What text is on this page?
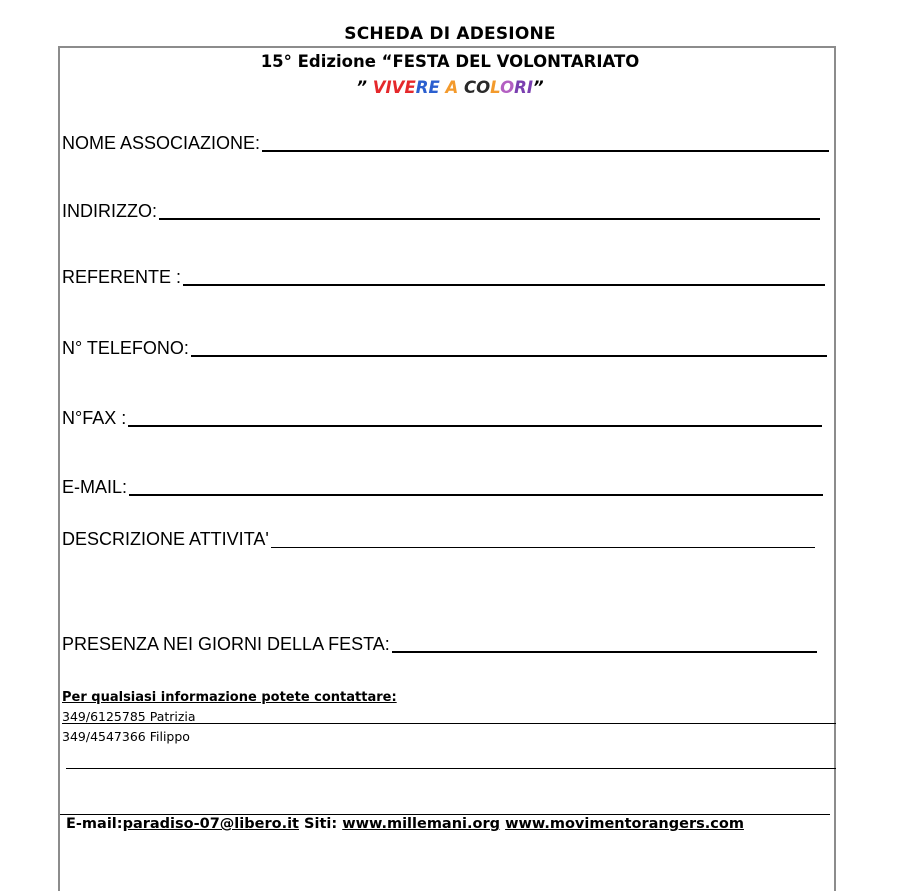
SCHEDA DI ADESIONE
15° Edizione “FESTA DEL VOLONTARIATO
” VIVERE A COLORI”
NOME ASSOCIAZIONE:
INDIRIZZO:
REFERENTE :
N° TELEFONO:
N°FAX :
E-MAIL:
DESCRIZIONE ATTIVITA'
PRESENZA NEI GIORNI DELLA FESTA:
Per qualsiasi informazione potete contattare:
349/6125785 Patrizia
349/4547366 Filippo
E-mail:paradiso-07@libero.it Siti: www.millemani.org www.movimentorangers.com
